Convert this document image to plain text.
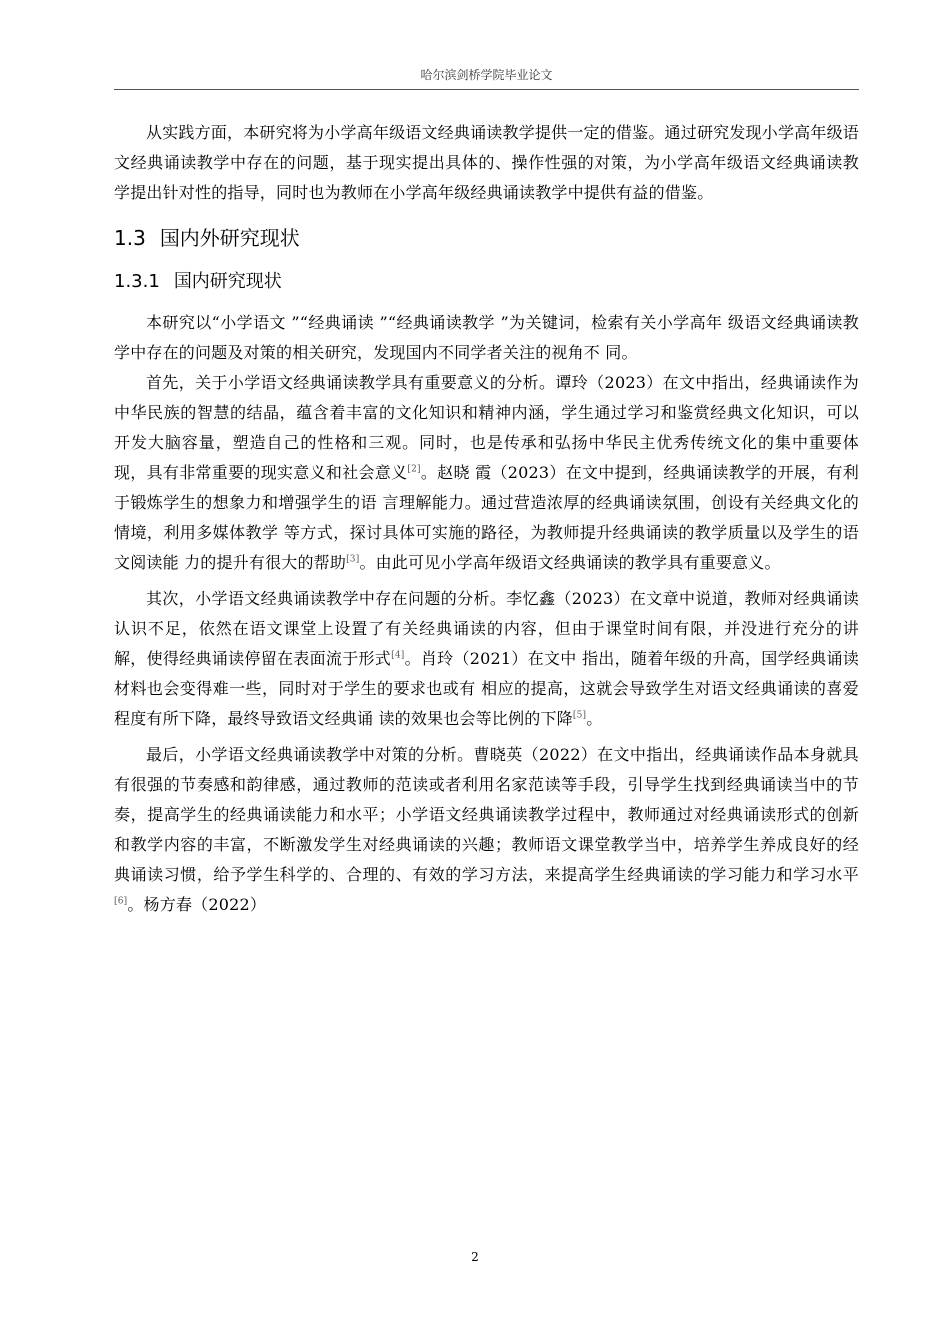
哈尔滨剑桥学院毕业论文

从实践方面，本研究将为小学高年级语文经典诵读教学提供一定的借鉴。通过研究发现小学高年级语文经典诵读教学中存在的问题，基于现实提出具体的、操作性强的对策，为小学高年级语文经典诵读教学提出针对性的指导，同时也为教师在小学高年级经典诵读教学中提供有益的借鉴。

1.3 国内外研究现状
1.3.1 国内研究现状

本研究以“小学语文 ”“经典诵读 ”“经典诵读教学 ”为关键词，检索有关小学高年 级语文经典诵读教学中存在的问题及对策的相关研究，发现国内不同学者关注的视角不 同。

首先，关于小学语文经典诵读教学具有重要意义的分析。谭玲（2023）在文中指出，经典诵读作为中华民族的智慧的结晶，蕴含着丰富的文化知识和精神内涵，学生通过学习和鉴赏经典文化知识，可以开发大脑容量，塑造自己的性格和三观。同时，也是传承和弘扬中华民主优秀传统文化的集中重要体现，具有非常重要的现实意义和社会意义[2]。赵晓 霞（2023）在文中提到，经典诵读教学的开展，有利于锻炼学生的想象力和增强学生的语 言理解能力。通过营造浓厚的经典诵读氛围，创设有关经典文化的情境，利用多媒体教学 等方式，探讨具体可实施的路径，为教师提升经典诵读的教学质量以及学生的语文阅读能 力的提升有很大的帮助[3]。由此可见小学高年级语文经典诵读的教学具有重要意义。

其次，小学语文经典诵读教学中存在问题的分析。李忆鑫（2023）在文章中说道，教师对经典诵读认识不足，依然在语文课堂上设置了有关经典诵读的内容，但由于课堂时间有限，并没进行充分的讲解，使得经典诵读停留在表面流于形式[4]。肖玲（2021）在文中 指出，随着年级的升高，国学经典诵读材料也会变得难一些，同时对于学生的要求也或有 相应的提高，这就会导致学生对语文经典诵读的喜爱程度有所下降，最终导致语文经典诵 读的效果也会等比例的下降[5]。

最后，小学语文经典诵读教学中对策的分析。曹晓英（2022）在文中指出，经典诵读作品本身就具有很强的节奏感和韵律感，通过教师的范读或者利用名家范读等手段，引导学生找到经典诵读当中的节奏，提高学生的经典诵读能力和水平；小学语文经典诵读教学过程中，教师通过对经典诵读形式的创新和教学内容的丰富，不断激发学生对经典诵读的兴趣；教师语文课堂教学当中，培养学生养成良好的经典诵读习惯，给予学生科学的、合理的、有效的学习方法，来提高学生经典诵读的学习能力和学习水平[6]。杨方春（2022）

2
